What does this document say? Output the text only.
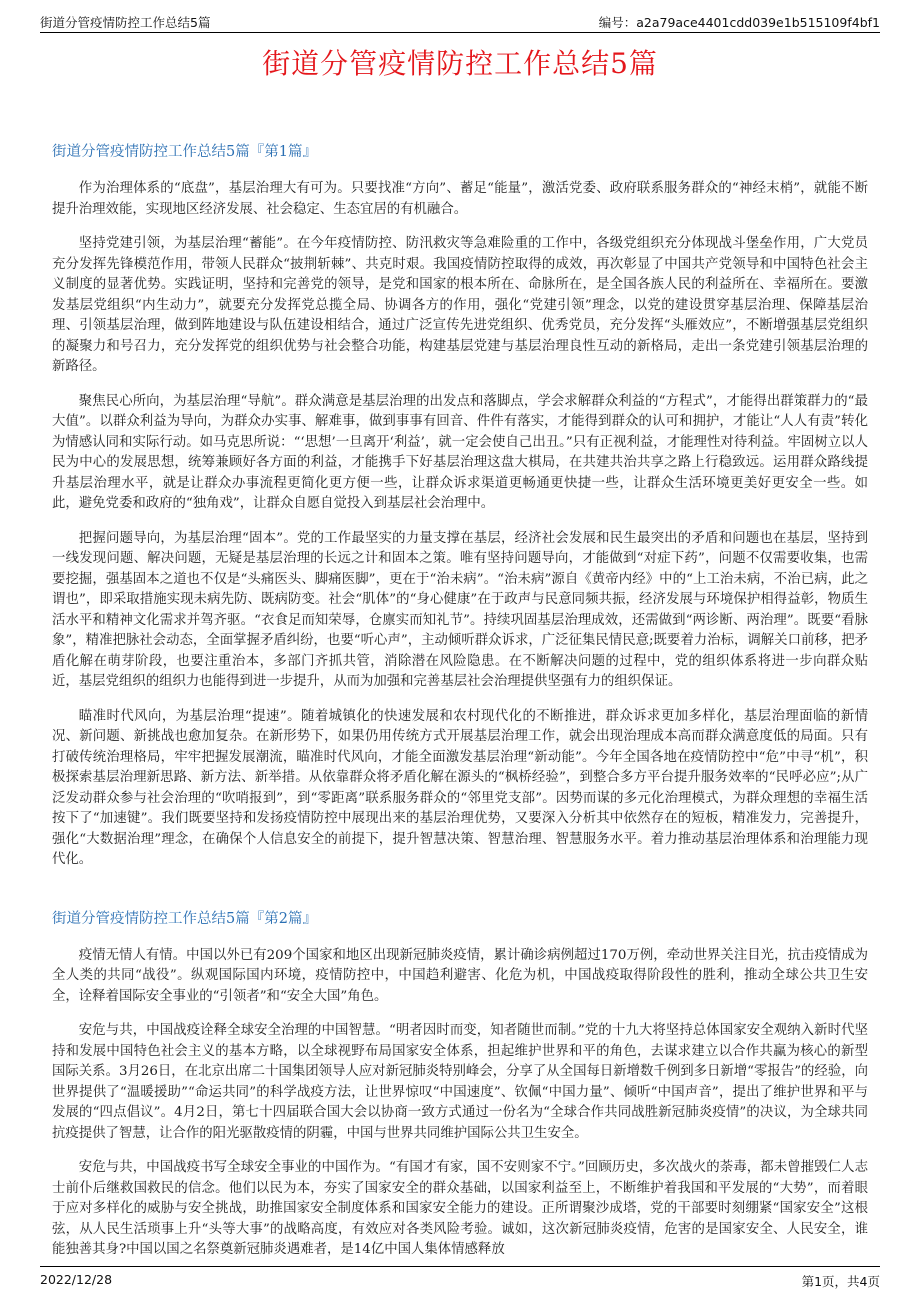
街道分管疫情防控工作总结5篇	编号：a2a79ace4401cdd039e1b515109f4bf1
街道分管疫情防控工作总结5篇
街道分管疫情防控工作总结5篇『第1篇』

作为治理体系的“底盘”，基层治理大有可为。只要找准“方向”、蓄足“能量”，激活党委、政府联系服务群众的“神经末梢”，就能不断提升治理效能，实现地区经济发展、社会稳定、生态宜居的有机融合。

坚持党建引领，为基层治理“蓄能”。在今年疫情防控、防汛救灾等急难险重的工作中，各级党组织充分体现战斗堡垒作用，广大党员充分发挥先锋模范作用，带领人民群众“披荆斩棘”、共克时艰。我国疫情防控取得的成效，再次彰显了中国共产党领导和中国特色社会主义制度的显著优势。实践证明，坚持和完善党的领导，是党和国家的根本所在、命脉所在，是全国各族人民的利益所在、幸福所在。要激发基层党组织“内生动力”，就要充分发挥党总揽全局、协调各方的作用，强化“党建引领”理念，以党的建设贯穿基层治理、保障基层治理、引领基层治理，做到阵地建设与队伍建设相结合，通过广泛宣传先进党组织、优秀党员，充分发挥“头雁效应”，不断增强基层党组织的凝聚力和号召力，充分发挥党的组织优势与社会整合功能，构建基层党建与基层治理良性互动的新格局，走出一条党建引领基层治理的新路径。

聚焦民心所向，为基层治理“导航”。群众满意是基层治理的出发点和落脚点，学会求解群众利益的“方程式”，才能得出群策群力的“最大值”。以群众利益为导向，为群众办实事、解难事，做到事事有回音、件件有落实，才能得到群众的认可和拥护，才能让“人人有责”转化为情感认同和实际行动。如马克思所说：“‘思想’一旦离开‘利益’，就一定会使自己出丑。”只有正视利益，才能理性对待利益。牢固树立以人民为中心的发展思想，统筹兼顾好各方面的利益，才能携手下好基层治理这盘大棋局，在共建共治共享之路上行稳致远。运用群众路线提升基层治理水平，就是让群众办事流程更简化更方便一些，让群众诉求渠道更畅通更快捷一些，让群众生活环境更美好更安全一些。如此，避免党委和政府的“独角戏”，让群众自愿自觉投入到基层社会治理中。

把握问题导向，为基层治理“固本”。党的工作最坚实的力量支撑在基层，经济社会发展和民生最突出的矛盾和问题也在基层，坚持到一线发现问题、解决问题，无疑是基层治理的长远之计和固本之策。唯有坚持问题导向，才能做到“对症下药”，问题不仅需要收集，也需要挖掘，强基固本之道也不仅是“头痛医头、脚痛医脚”，更在于“治未病”。“治未病”源自《黄帝内经》中的“上工治未病，不治已病，此之谓也”，即采取措施实现未病先防、既病防变。社会“肌体”的“身心健康”在于政声与民意同频共振，经济发展与环境保护相得益彰，物质生活水平和精神文化需求并驾齐驱。“衣食足而知荣辱，仓廪实而知礼节”。持续巩固基层治理成效，还需做到“两诊断、两治理”。既要“看脉象”，精准把脉社会动态，全面掌握矛盾纠纷，也要“听心声”，主动倾听群众诉求，广泛征集民情民意;既要着力治标，调解关口前移，把矛盾化解在萌芽阶段，也要注重治本，多部门齐抓共管，消除潜在风险隐患。在不断解决问题的过程中，党的组织体系将进一步向群众贴近，基层党组织的组织力也能得到进一步提升，从而为加强和完善基层社会治理提供坚强有力的组织保证。

瞄准时代风向，为基层治理“提速”。随着城镇化的快速发展和农村现代化的不断推进，群众诉求更加多样化，基层治理面临的新情况、新问题、新挑战也愈加复杂。在新形势下，如果仍用传统方式开展基层治理工作，就会出现治理成本高而群众满意度低的局面。只有打破传统治理格局，牢牢把握发展潮流，瞄准时代风向，才能全面激发基层治理“新动能”。今年全国各地在疫情防控中“危”中寻“机”，积极探索基层治理新思路、新方法、新举措。从依靠群众将矛盾化解在源头的“枫桥经验”，到整合多方平台提升服务效率的“民呼必应”;从广泛发动群众参与社会治理的“吹哨报到”，到“零距离”联系服务群众的“邻里党支部”。因势而谋的多元化治理模式，为群众理想的幸福生活按下了“加速键”。我们既要坚持和发扬疫情防控中展现出来的基层治理优势，又要深入分析其中依然存在的短板，精准发力，完善提升，强化“大数据治理”理念，在确保个人信息安全的前提下，提升智慧决策、智慧治理、智慧服务水平。着力推动基层治理体系和治理能力现代化。

街道分管疫情防控工作总结5篇『第2篇』

疫情无情人有情。中国以外已有209个国家和地区出现新冠肺炎疫情，累计确诊病例超过170万例，牵动世界关注目光，抗击疫情成为全人类的共同“战役”。纵观国际国内环境，疫情防控中，中国趋利避害、化危为机，中国战疫取得阶段性的胜利，推动全球公共卫生安全，诠释着国际安全事业的“引领者”和“安全大国”角色。

安危与共，中国战疫诠释全球安全治理的中国智慧。“明者因时而变，知者随世而制。”党的十九大将坚持总体国家安全观纳入新时代坚持和发展中国特色社会主义的基本方略，以全球视野布局国家安全体系，担起维护世界和平的角色，去谋求建立以合作共赢为核心的新型国际关系。3月26日，在北京出席二十国集团领导人应对新冠肺炎特别峰会，分享了从全国每日新增数千例到多日新增“零报告”的经验，向世界提供了“温暖援助”“命运共同”的科学战疫方法，让世界惊叹“中国速度”、钦佩“中国力量”、倾听“中国声音”，提出了维护世界和平与发展的“四点倡议”。4月2日，第七十四届联合国大会以协商一致方式通过一份名为“全球合作共同战胜新冠肺炎疫情”的决议，为全球共同抗疫提供了智慧，让合作的阳光驱散疫情的阴霾，中国与世界共同维护国际公共卫生安全。

安危与共，中国战疫书写全球安全事业的中国作为。“有国才有家，国不安则家不宁。”回顾历史，多次战火的荼毒，都未曾摧毁仁人志士前仆后继救国救民的信念。他们以民为本，夯实了国家安全的群众基础，以国家利益至上，不断维护着我国和平发展的“大势”，而着眼于应对多样化的威胁与安全挑战，助推国家安全制度体系和国家安全能力的建设。正所谓聚沙成塔，党的干部要时刻绷紧“国家安全”这根弦，从人民生活琐事上升“头等大事”的战略高度，有效应对各类风险考验。诚如，这次新冠肺炎疫情，危害的是国家安全、人民安全，谁能独善其身?中国以国之名祭奠新冠肺炎遇难者，是14亿中国人集体情感释放

2022/12/28	第1页，共4页
